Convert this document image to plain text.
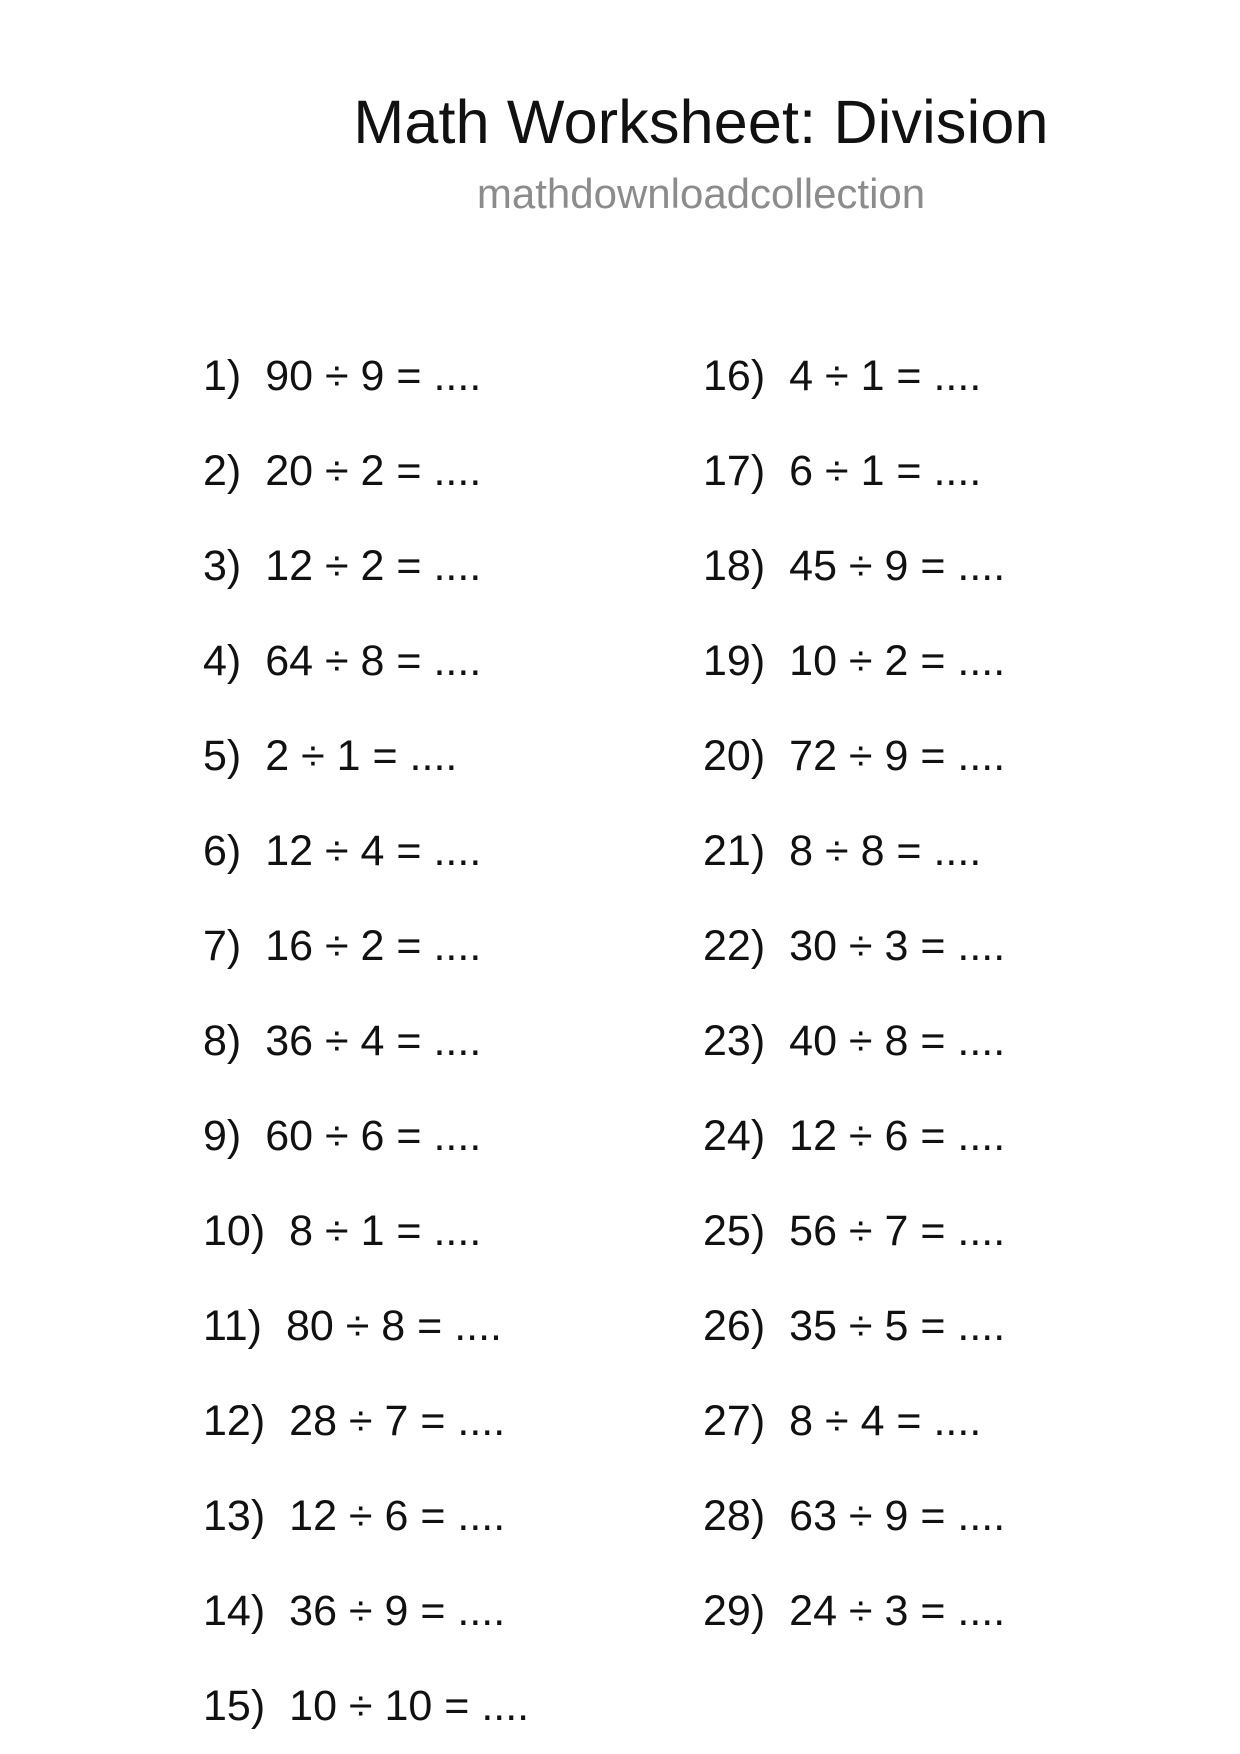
Math Worksheet: Division
mathdownloadcollection
1) 90 ÷ 9 = ....
2) 20 ÷ 2 = ....
3) 12 ÷ 2 = ....
4) 64 ÷ 8 = ....
5) 2 ÷ 1 = ....
6) 12 ÷ 4 = ....
7) 16 ÷ 2 = ....
8) 36 ÷ 4 = ....
9) 60 ÷ 6 = ....
10) 8 ÷ 1 = ....
11) 80 ÷ 8 = ....
12) 28 ÷ 7 = ....
13) 12 ÷ 6 = ....
14) 36 ÷ 9 = ....
15) 10 ÷ 10 = ....
16) 4 ÷ 1 = ....
17) 6 ÷ 1 = ....
18) 45 ÷ 9 = ....
19) 10 ÷ 2 = ....
20) 72 ÷ 9 = ....
21) 8 ÷ 8 = ....
22) 30 ÷ 3 = ....
23) 40 ÷ 8 = ....
24) 12 ÷ 6 = ....
25) 56 ÷ 7 = ....
26) 35 ÷ 5 = ....
27) 8 ÷ 4 = ....
28) 63 ÷ 9 = ....
29) 24 ÷ 3 = ....
